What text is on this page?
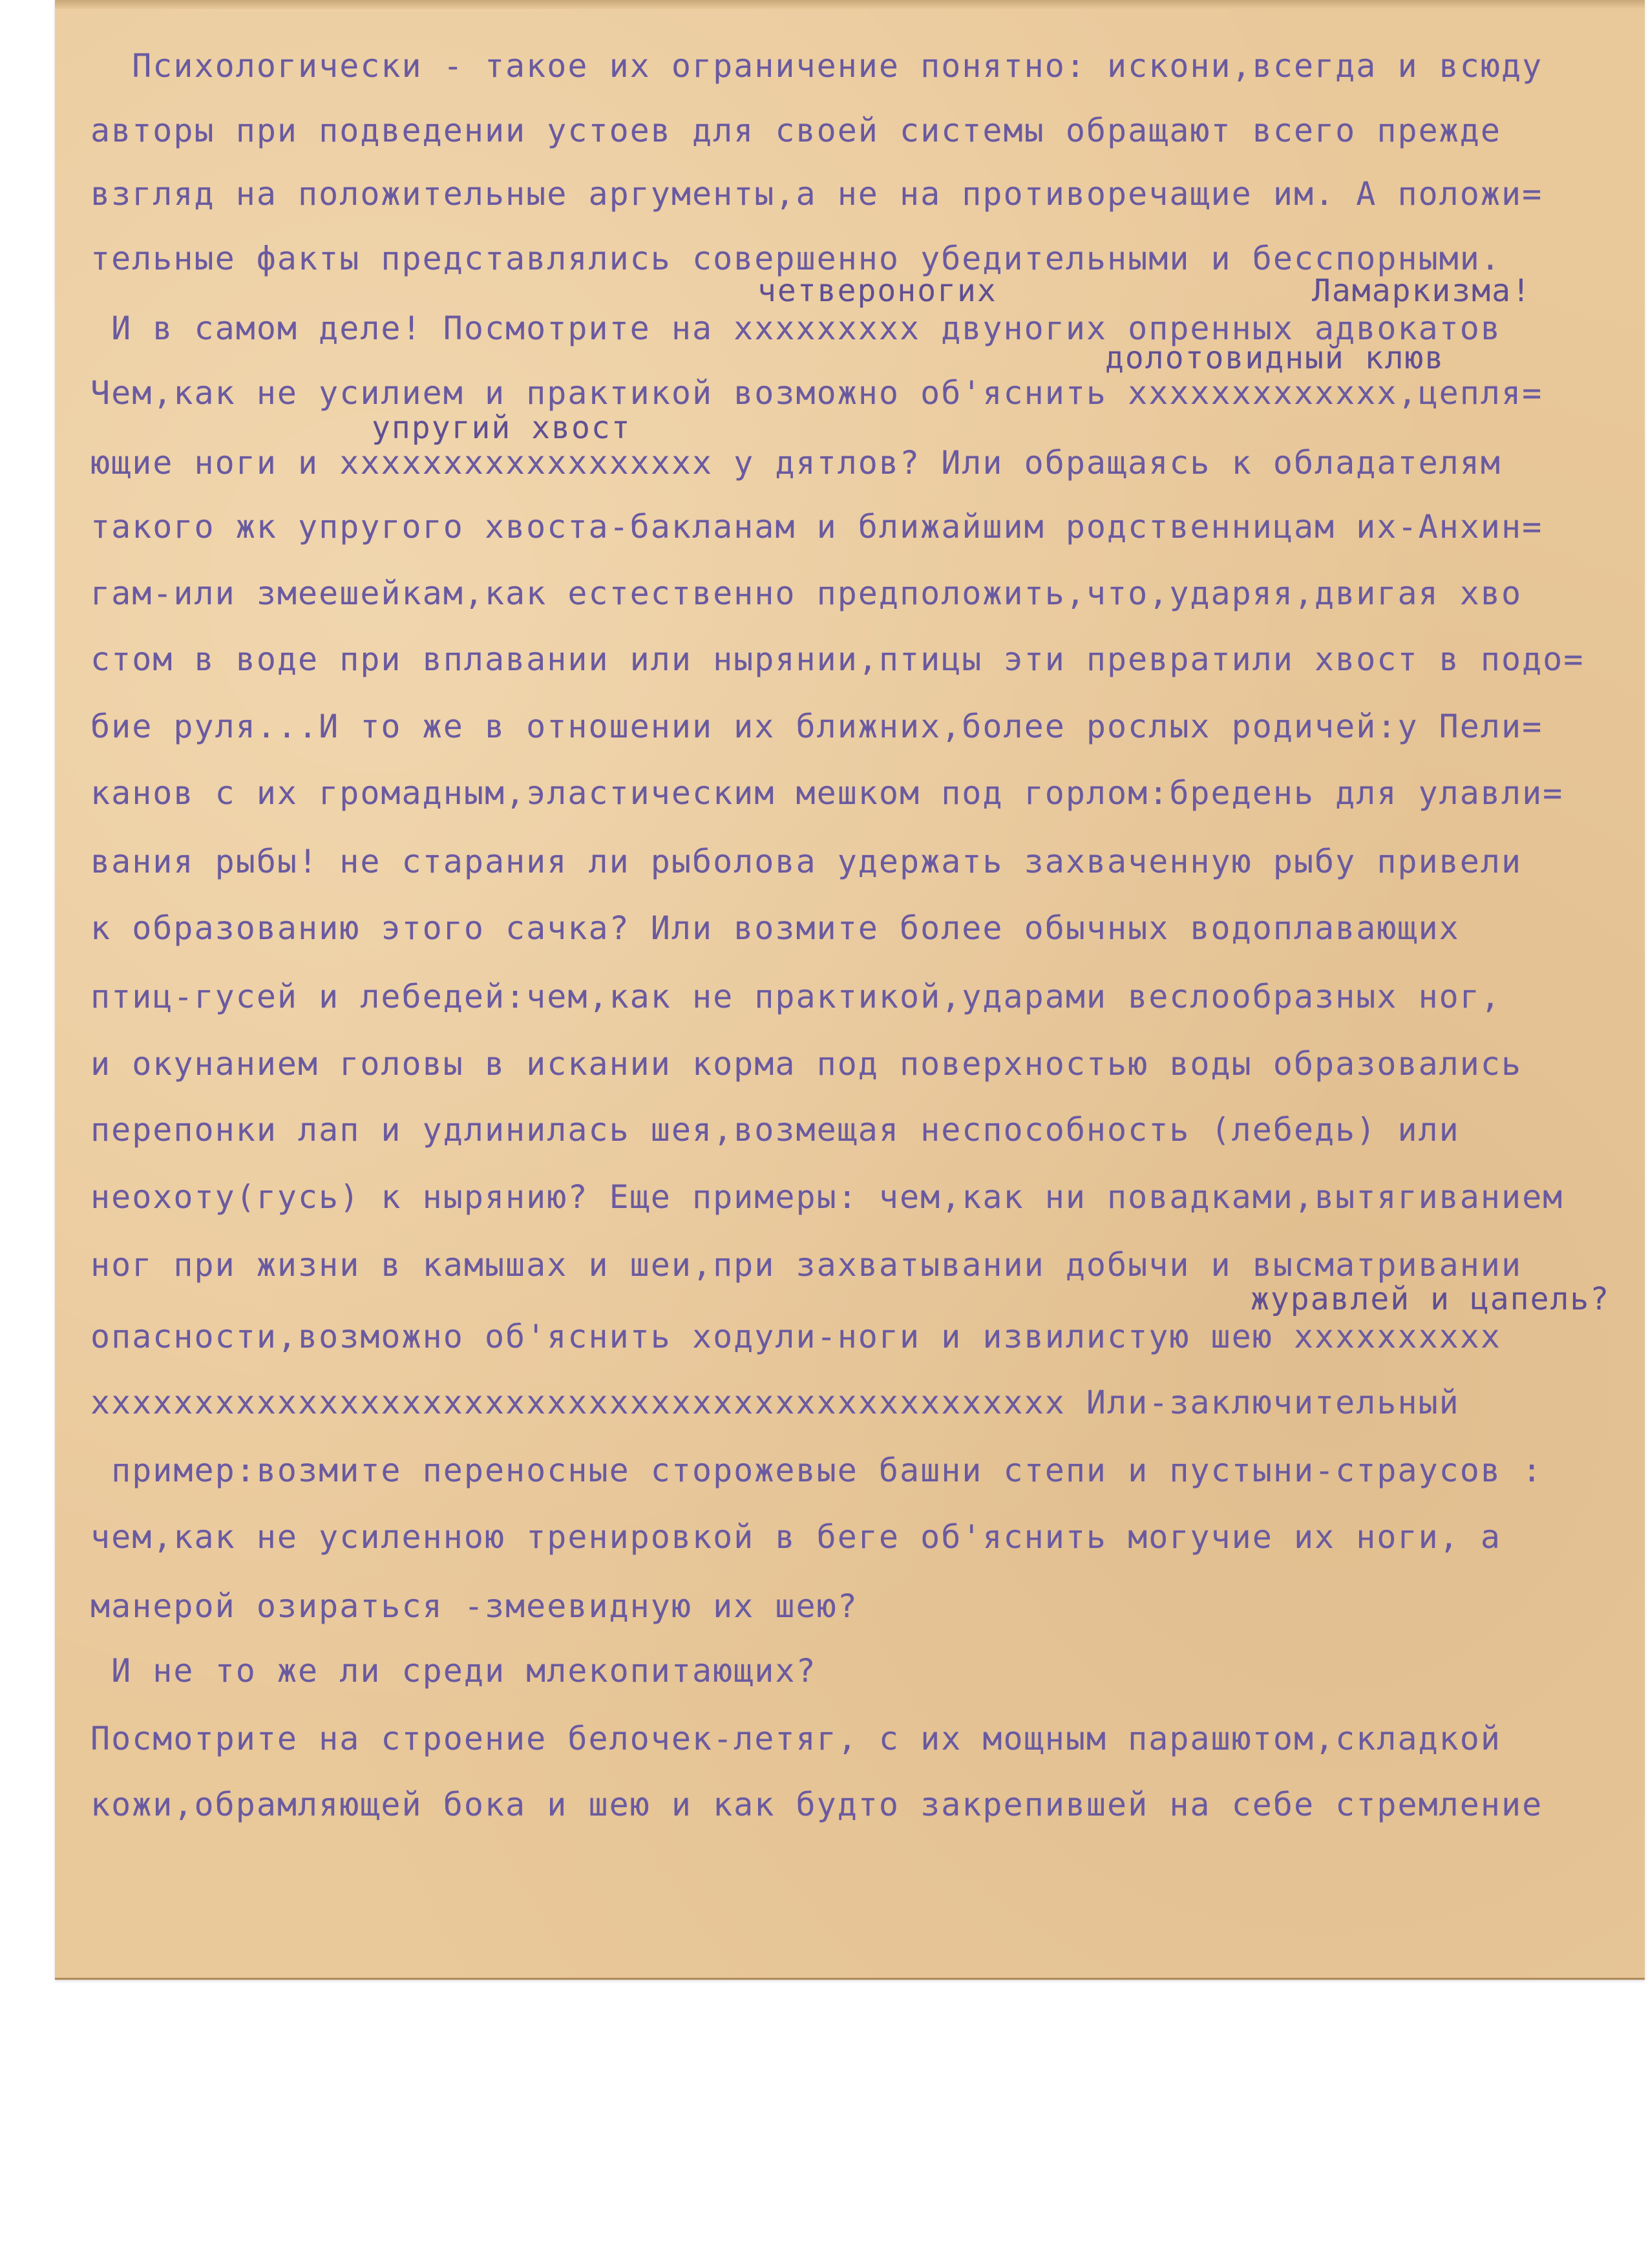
Психологически - такое их ограничение понятно: искони,всегда и всюду

авторы при подведении устоев для своей системы обращают всего прежде

взгляд на положительные аргументы,а не на противоречащие им. А положи=

тельные факты представлялись совершенно убедительными и бесспорными.

И в самом деле! Посмотрите на xxxxxxxxx двуногих опренных адвокатов

Чем,как не усилием и практикой возможно об'яснить xxxxxxxxxxxxx,цепля=

ющие ноги и xxxxxxxxxxxxxxxxxx у дятлов? Или обращаясь к обладателям

такого жк упругого хвоста-бакланам и ближайшим родственницам их-Анхин=

гам-или змеешейкам,как естественно предположить,что,ударяя,двигая хво

стом в воде при вплавании или нырянии,птицы эти превратили хвост в подо=

бие руля...И то же в отношении их ближних,более рослых родичей:у Пели=

канов с их громадным,эластическим мешком под горлом:бредень для улавли=

вания рыбы! не старания ли рыболова удержать захваченную рыбу привели

к образованию этого сачка? Или возмите более обычных водоплавающих

птиц-гусей и лебедей:чем,как не практикой,ударами веслообразных ног,

и окунанием головы в искании корма под поверхностью воды образовались

перепонки лап и удлинилась шея,возмещая неспособность (лебедь) или

неохоту(гусь) к нырянию? Еще примеры: чем,как ни повадками,вытягиванием

ног при жизни в камышах и шеи,при захватывании добычи и высматривании

опасности,возможно об'яснить ходули-ноги и извилистую шею xxxxxxxxxx

xxxxxxxxxxxxxxxxxxxxxxxxxxxxxxxxxxxxxxxxxxxxxxx Или-заключительный

пример:возмите переносные сторожевые башни степи и пустыни-страусов :

чем,как не усиленною тренировкой в беге об'яснить могучие их ноги, а

манерой озираться -змеевидную их шею?

И не то же ли среди млекопитающих?

Посмотрите на строение белочек-летяг, с их мощным парашютом,складкой

кожи,обрамляющей бока и шею и как будто закрепившей на себе стремление

четвероногих	Ламаркизма!

долотовидный клюв

упругий хвост

журавлей и цапель?
